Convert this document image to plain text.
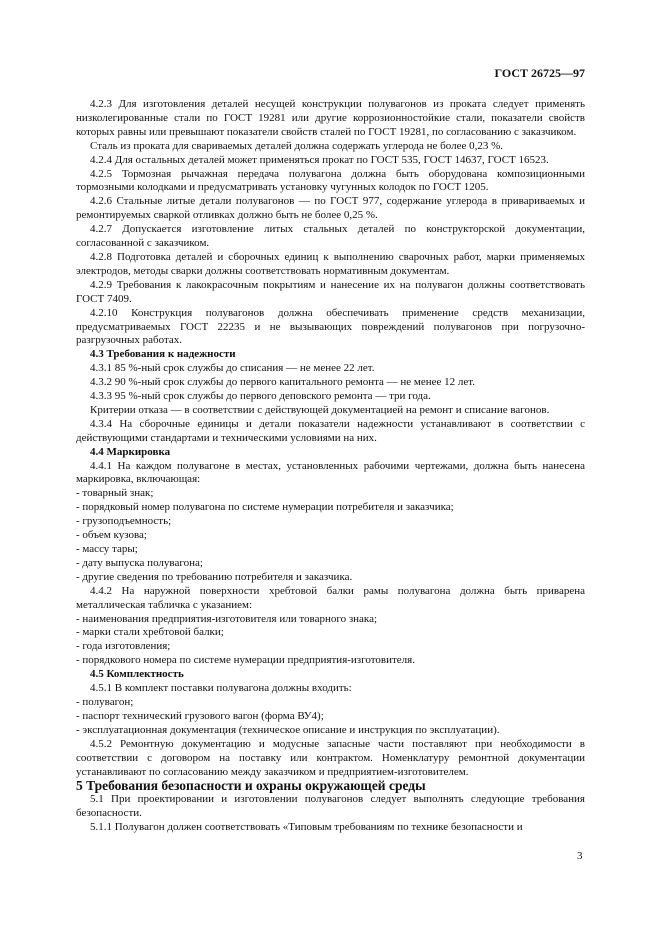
ГОСТ 26725—97

4.2.3 Для изготовления деталей несущей конструкции полувагонов из проката следует применять низколегированные стали по ГОСТ 19281 или другие коррозионностойкие стали, показатели свойств которых равны или превышают показатели свойств сталей по ГОСТ 19281, по согласованию с заказчиком.

Сталь из проката для свариваемых деталей должна содержать углерода не более 0,23 %.

4.2.4 Для остальных деталей может применяться прокат по ГОСТ 535, ГОСТ 14637, ГОСТ 16523.

4.2.5 Тормозная рычажная передача полувагона должна быть оборудована композиционными тормозными колодками и предусматривать установку чугунных колодок по ГОСТ 1205.

4.2.6 Стальные литые детали полувагонов — по ГОСТ 977, содержание углерода в привариваемых и ремонтируемых сваркой отливках должно быть не более 0,25 %.

4.2.7 Допускается изготовление литых стальных деталей по конструкторской документации, согласованной с заказчиком.

4.2.8 Подготовка деталей и сборочных единиц к выполнению сварочных работ, марки применяемых электродов, методы сварки должны соответствовать нормативным документам.

4.2.9 Требования к лакокрасочным покрытиям и нанесение их на полувагон должны соответствовать ГОСТ 7409.

4.2.10 Конструкция полувагонов должна обеспечивать применение средств механизации, предусматриваемых ГОСТ 22235 и не вызывающих повреждений полувагонов при погрузочно-разгрузочных работах.

4.3 Требования к надежности

4.3.1 85 %-ный срок службы до списания — не менее 22 лет.

4.3.2 90 %-ный срок службы до первого капитального ремонта — не менее 12 лет.

4.3.3 95 %-ный срок службы до первого деповского ремонта — три года.

Критерии отказа — в соответствии с действующей документацией на ремонт и списание вагонов.

4.3.4 На сборочные единицы и детали показатели надежности устанавливают в соответствии с действующими стандартами и техническими условиями на них.

4.4 Маркировка

4.4.1 На каждом полувагоне в местах, установленных рабочими чертежами, должна быть нанесена маркировка, включающая:

- товарный знак;

- порядковый номер полувагона по системе нумерации потребителя и заказчика;

- грузоподъемность;

- объем кузова;

- массу тары;

- дату выпуска полувагона;

- другие сведения по требованию потребителя и заказчика.

4.4.2 На наружной поверхности хребтовой балки рамы полувагона должна быть приварена металлическая табличка с указанием:

- наименования предприятия-изготовителя или товарного знака;

- марки стали хребтовой балки;

- года изготовления;

- порядкового номера по системе нумерации предприятия-изготовителя.

4.5 Комплектность

4.5.1 В комплект поставки полувагона должны входить:

- полувагон;

- паспорт технический грузового вагон (форма ВУ4);

- эксплуатационная документация (техническое описание и инструкция по эксплуатации).

4.5.2 Ремонтную документацию и модусные запасные части поставляют при необходимости в соответствии с договором на поставку или контрактом. Номенклатуру ремонтной документации устанавливают по согласованию между заказчиком и предприятием-изготовителем.

5 Требования безопасности и охраны окружающей среды

5.1 При проектировании и изготовлении полувагонов следует выполнять следующие требования безопасности.

5.1.1 Полувагон должен соответствовать «Типовым требованиям по технике безопасности и

3
